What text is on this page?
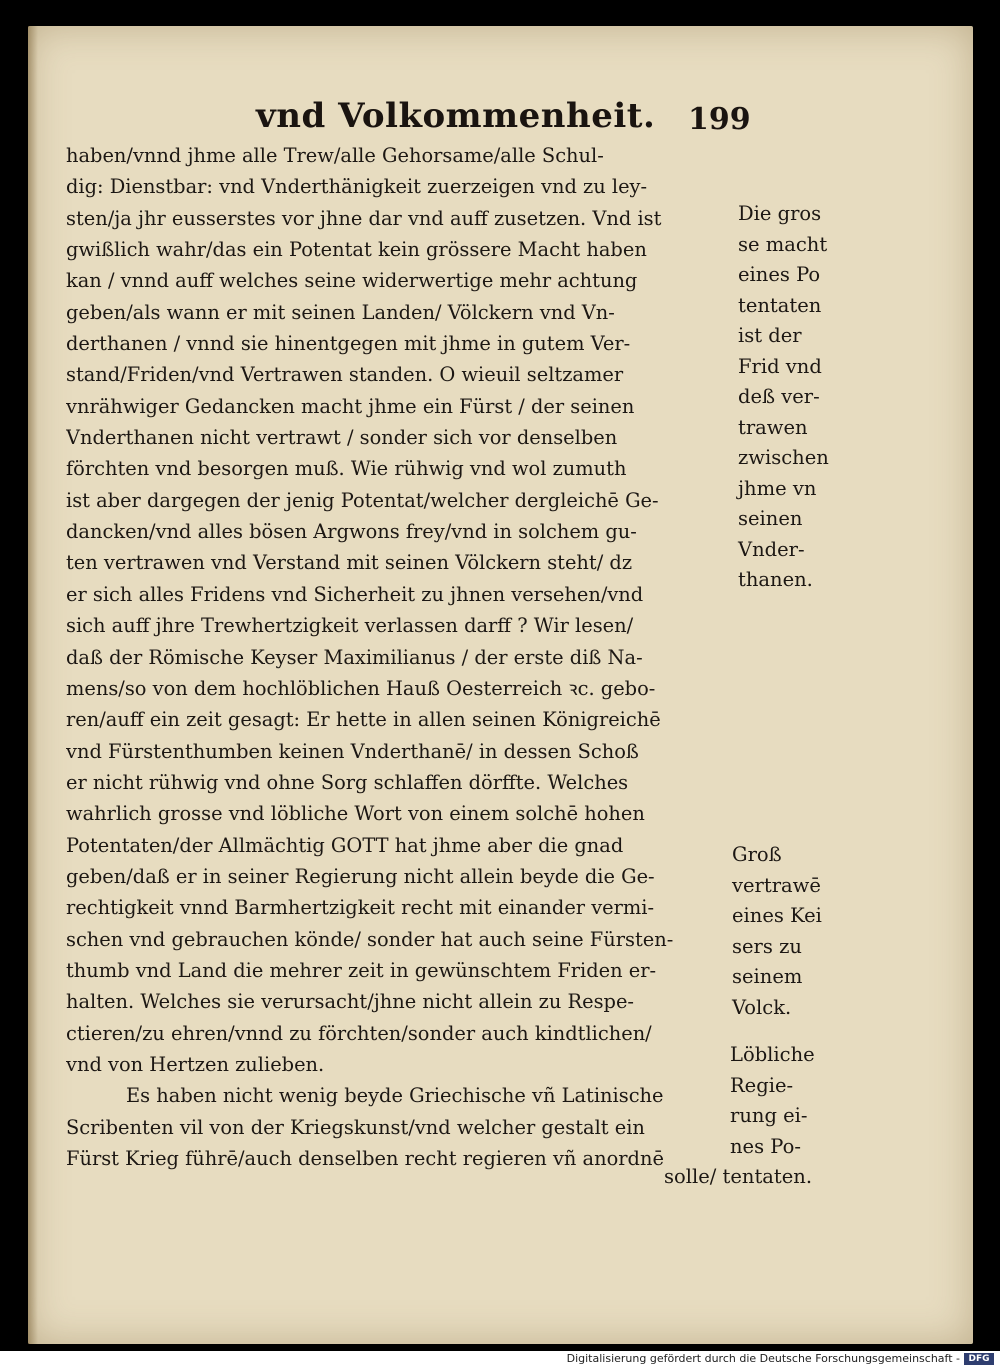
vnd Volkommenheit. 199
haben/vnnd jhme alle Trew/alle Gehorsame/alle Schul-
dig: Dienstbar: vnd Vnderthänigkeit zuerzeigen vnd zu ley-
sten/ja jhr eusserstes vor jhne dar vnd auff zusetzen. Vnd ist
gwißlich wahr/das ein Potentat kein grössere Macht haben
kan / vnnd auff welches seine widerwertige mehr achtung
geben/als wann er mit seinen Landen/ Völckern vnd Vn-
derthanen / vnnd sie hinentgegen mit jhme in gutem Ver-
stand/Friden/vnd Vertrawen standen. O wieuil seltzamer
vnrähwiger Gedancken macht jhme ein Fürst / der seinen
Vnderthanen nicht vertrawt / sonder sich vor denselben
förchten vnd besorgen muß. Wie rühwig vnd wol zumuth
ist aber dargegen der jenig Potentat/welcher dergleichē Ge-
dancken/vnd alles bösen Argwons frey/vnd in solchem gu-
ten vertrawen vnd Verstand mit seinen Völckern steht/ dz
er sich alles Fridens vnd Sicherheit zu jhnen versehen/vnd
sich auff jhre Trewhertzigkeit verlassen darff ? Wir lesen/
daß der Römische Keyser Maximilianus / der erste diß Na-
mens/so von dem hochlöblichen Hauß Oesterreich ꝛc. gebo-
ren/auff ein zeit gesagt: Er hette in allen seinen Königreichē
vnd Fürstenthumben keinen Vnderthanē/ in dessen Schoß
er nicht rühwig vnd ohne Sorg schlaffen dörffte. Welches
wahrlich grosse vnd löbliche Wort von einem solchē hohen
Potentaten/der Allmächtig GOTT hat jhme aber die gnad
geben/daß er in seiner Regierung nicht allein beyde die Ge-
rechtigkeit vnnd Barmhertzigkeit recht mit einander vermi-
schen vnd gebrauchen könde/ sonder hat auch seine Fürsten-
thumb vnd Land die mehrer zeit in gewünschtem Friden er-
halten. Welches sie verursacht/jhne nicht allein zu Respe-
ctieren/zu ehren/vnnd zu förchten/sonder auch kindtlichen/
vnd von Hertzen zulieben.
Es haben nicht wenig beyde Griechische vñ Latinische
Scribenten vil von der Kriegskunst/vnd welcher gestalt ein
Fürst Krieg führē/auch denselben recht regieren vñ anordnē
Die gros
se macht
eines Po
tentaten
ist der
Frid vnd
deß ver-
trawen
zwischen
jhme vn
seinen
Vnder-
thanen.
Groß
vertrawē
eines Kei
sers zu
seinem
Volck.
Löbliche
Regie-
rung ei-
nes Po-
solle/ tentaten.
Digitalisierung gefördert durch die Deutsche Forschungsgemeinschaft - DFG
